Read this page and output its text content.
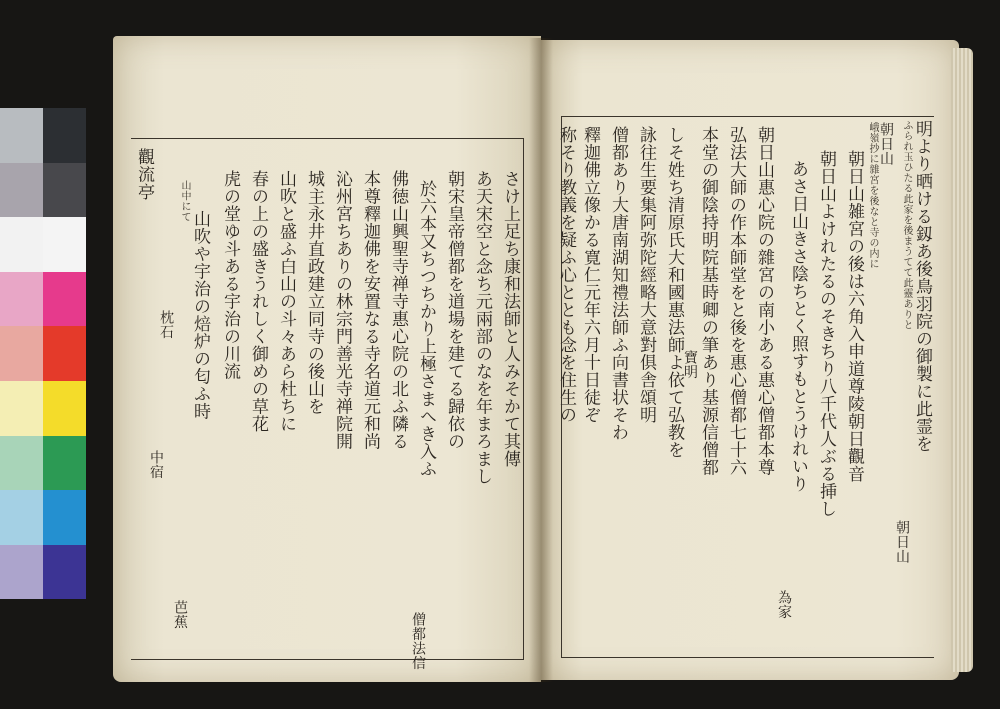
明より晒ける釼あ後鳥羽院の御製に此霊を
ふられ玉ひたる此家を後まうてて此靈ありと
朝日山
峨嶺抄に雜宮を後なと寺の内に
朝日山雑宮の後は六角入申道尊陵朝日觀音
朝日山よけれたるのそきちり八千代人ぶる挿し
あさ日山きさ陰ちとく照すもとうけれいり
為家
朝日山惠心院の雜宮の南小ある惠心僧都本尊
弘法大師の作本師堂をと後を惠心僧都七十六
本堂の御陰持明院基時卿の筆あり基源信僧都
寶明
しそ姓ち清原氏大和國惠法師よ依て弘教を
詠往生要集阿弥陀經略大意對俱舎頌明
僧都あり大唐南湖知禮法師ふ向書状そわ
釋迦佛立像かる寛仁元年六月十日徒ぞ
称そり教義を疑ふ心ととも念を住生の
朝日山
さけ上足ち康和法師と人みそかて其傳
あ天宋空と念ち元兩部のなを年まろまし
朝宋皇帝僧都を道場を建てる歸依の
於六本又ちつちかり上極さまへき入ふ
僧都法信
佛徳山興聖寺禅寺惠心院の北ふ隣る
本尊釋迦佛を安置なる寺名道元和尚
沁州宮ちありの林宗門善光寺禅院開
城主永井直政建立同寺の後山を
山吹と盛ふ白山の斗々あら杜ちに
春の上の盛きうれしく御めの草花
虎の堂ゆ斗ある宇治の川流
山吹や宇治の焙炉の匂ふ時
山中にて
芭蕉
枕石
中宿
觀流亭
